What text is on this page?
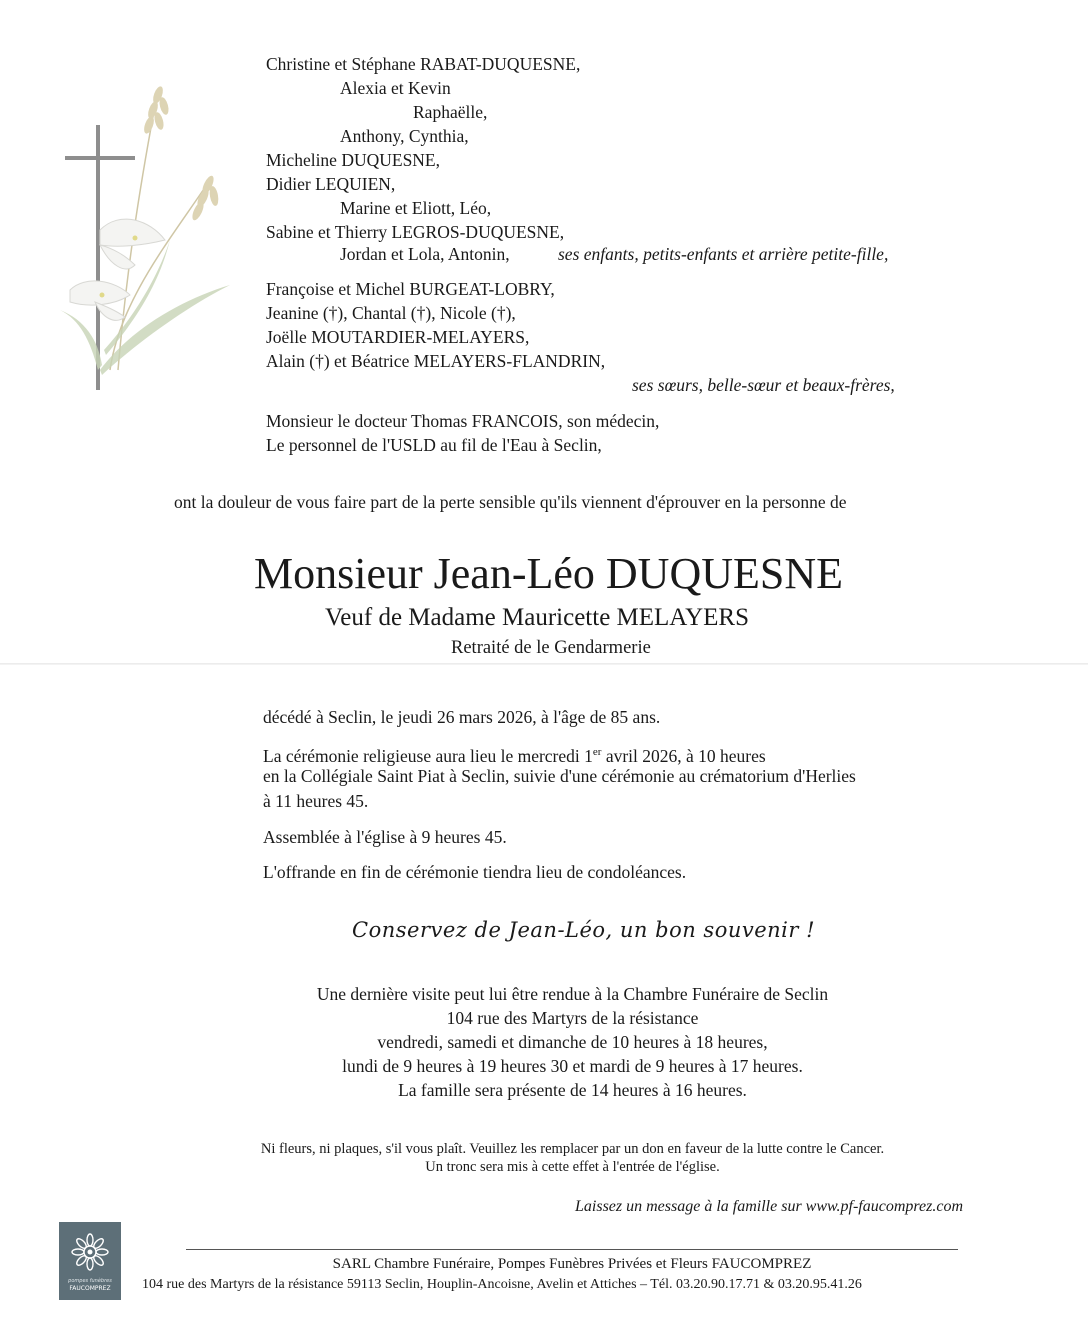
Christine et Stéphane RABAT-DUQUESNE,
Alexia et Kevin
Raphaëlle,
Anthony, Cynthia,
Micheline DUQUESNE,
Didier LEQUIEN,
Marine et Eliott, Léo,
Sabine et Thierry LEGROS-DUQUESNE,
Jordan et Lola, Antonin,	ses enfants, petits-enfants et arrière petite-fille,
Françoise et Michel BURGEAT-LOBRY,
Jeanine (†), Chantal (†), Nicole (†),
Joëlle MOUTARDIER-MELAYERS,
Alain (†) et Béatrice MELAYERS-FLANDRIN,
ses sœurs, belle-sœur et beaux-frères,
Monsieur le docteur Thomas FRANCOIS, son médecin,
Le personnel de l'USLD au fil de l'Eau à Seclin,
ont la douleur de vous faire part de la perte sensible qu'ils viennent d'éprouver en la personne de
Monsieur Jean-Léo DUQUESNE
Veuf de Madame Mauricette MELAYERS
Retraité de le Gendarmerie
décédé à Seclin, le jeudi 26 mars 2026, à l'âge de 85 ans.
La cérémonie religieuse aura lieu le mercredi 1er avril 2026, à 10 heures
en la Collégiale Saint Piat à Seclin, suivie d'une cérémonie au crématorium d'Herlies
à 11 heures 45.
Assemblée à l'église à 9 heures 45.
L'offrande en fin de cérémonie tiendra lieu de condoléances.
Conservez de Jean-Léo, un bon souvenir !
Une dernière visite peut lui être rendue à la Chambre Funéraire de Seclin
104 rue des Martyrs de la résistance
vendredi, samedi et dimanche de 10 heures à 18 heures,
lundi de 9 heures à 19 heures 30 et mardi de 9 heures à 17 heures.
La famille sera présente de 14 heures à 16 heures.
Ni fleurs, ni plaques, s'il vous plaît. Veuillez les remplacer par un don en faveur de la lutte contre le Cancer.
Un tronc sera mis à cette effet à l'entrée de l'église.
Laissez un message à la famille sur www.pf-faucomprez.com
pompes funèbres
FAUCOMPREZ
SARL Chambre Funéraire, Pompes Funèbres Privées et Fleurs FAUCOMPREZ
104 rue des Martyrs de la résistance 59113 Seclin, Houplin-Ancoisne, Avelin et Attiches – Tél. 03.20.90.17.71 & 03.20.95.41.26
